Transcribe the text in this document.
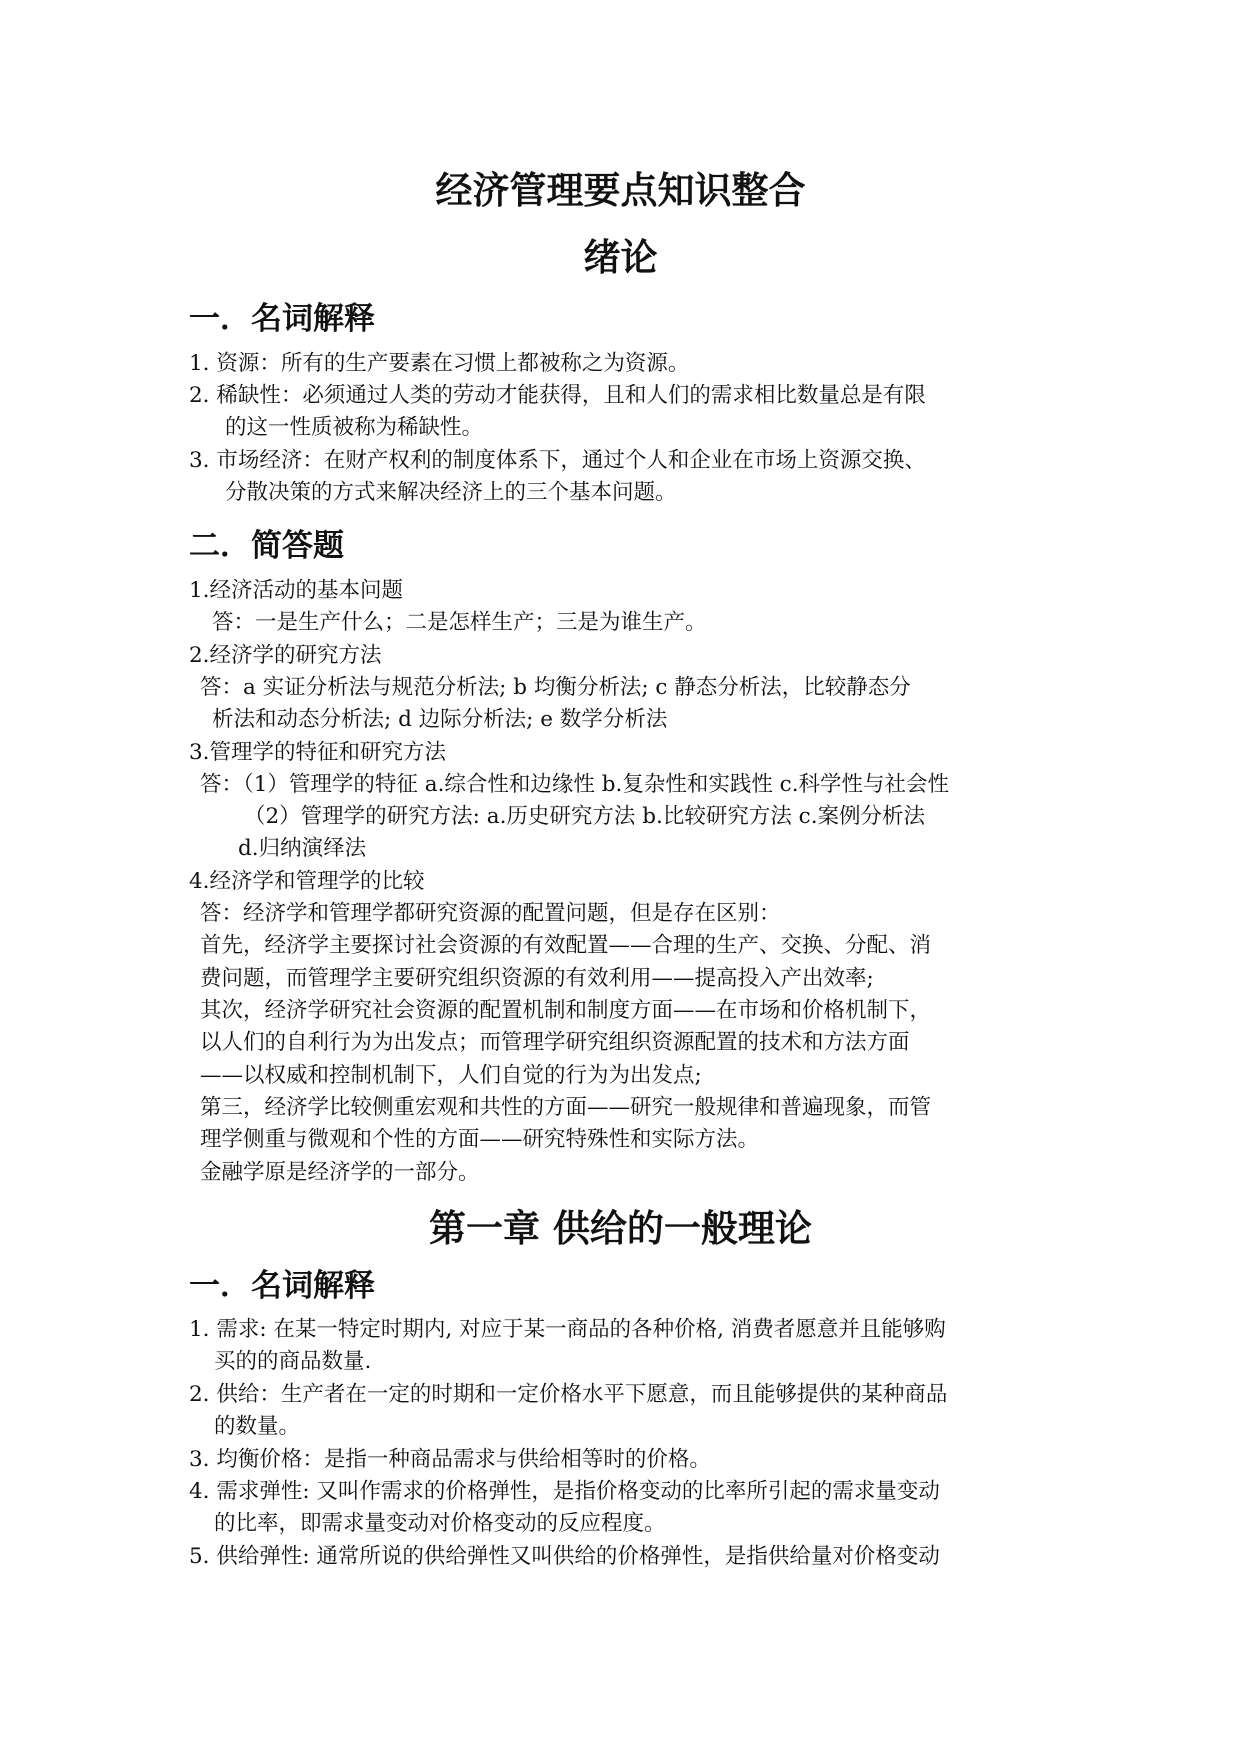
经济管理要点知识整合
绪论
一．名词解释

1. 资源：所有的生产要素在习惯上都被称之为资源。

2. 稀缺性：必须通过人类的劳动才能获得，且和人们的需求相比数量总是有限

的这一性质被称为稀缺性。

3. 市场经济：在财产权利的制度体系下，通过个人和企业在市场上资源交换、

分散决策的方式来解决经济上的三个基本问题。

二．简答题

1.经济活动的基本问题

答：一是生产什么；二是怎样生产；三是为谁生产。

2.经济学的研究方法

答：a 实证分析法与规范分析法; b 均衡分析法; c 静态分析法，比较静态分

析法和动态分析法; d 边际分析法; e 数学分析法

3.管理学的特征和研究方法

答：（1）管理学的特征 a.综合性和边缘性 b.复杂性和实践性 c.科学性与社会性

（2）管理学的研究方法: a.历史研究方法 b.比较研究方法 c.案例分析法

d.归纳演绎法

4.经济学和管理学的比较

答：经济学和管理学都研究资源的配置问题，但是存在区别：

首先，经济学主要探讨社会资源的有效配置——合理的生产、交换、分配、消

费问题，而管理学主要研究组织资源的有效利用——提高投入产出效率;

其次，经济学研究社会资源的配置机制和制度方面——在市场和价格机制下，

以人们的自利行为为出发点；而管理学研究组织资源配置的技术和方法方面

——以权威和控制机制下，人们自觉的行为为出发点;

第三，经济学比较侧重宏观和共性的方面——研究一般规律和普遍现象，而管

理学侧重与微观和个性的方面——研究特殊性和实际方法。

金融学原是经济学的一部分。

第一章 供给的一般理论
一．名词解释

1. 需求: 在某一特定时期内, 对应于某一商品的各种价格, 消费者愿意并且能够购

买的的商品数量.

2. 供给：生产者在一定的时期和一定价格水平下愿意，而且能够提供的某种商品

的数量。

3. 均衡价格：是指一种商品需求与供给相等时的价格。

4. 需求弹性: 又叫作需求的价格弹性，是指价格变动的比率所引起的需求量变动

的比率，即需求量变动对价格变动的反应程度。

5. 供给弹性: 通常所说的供给弹性又叫供给的价格弹性，是指供给量对价格变动
